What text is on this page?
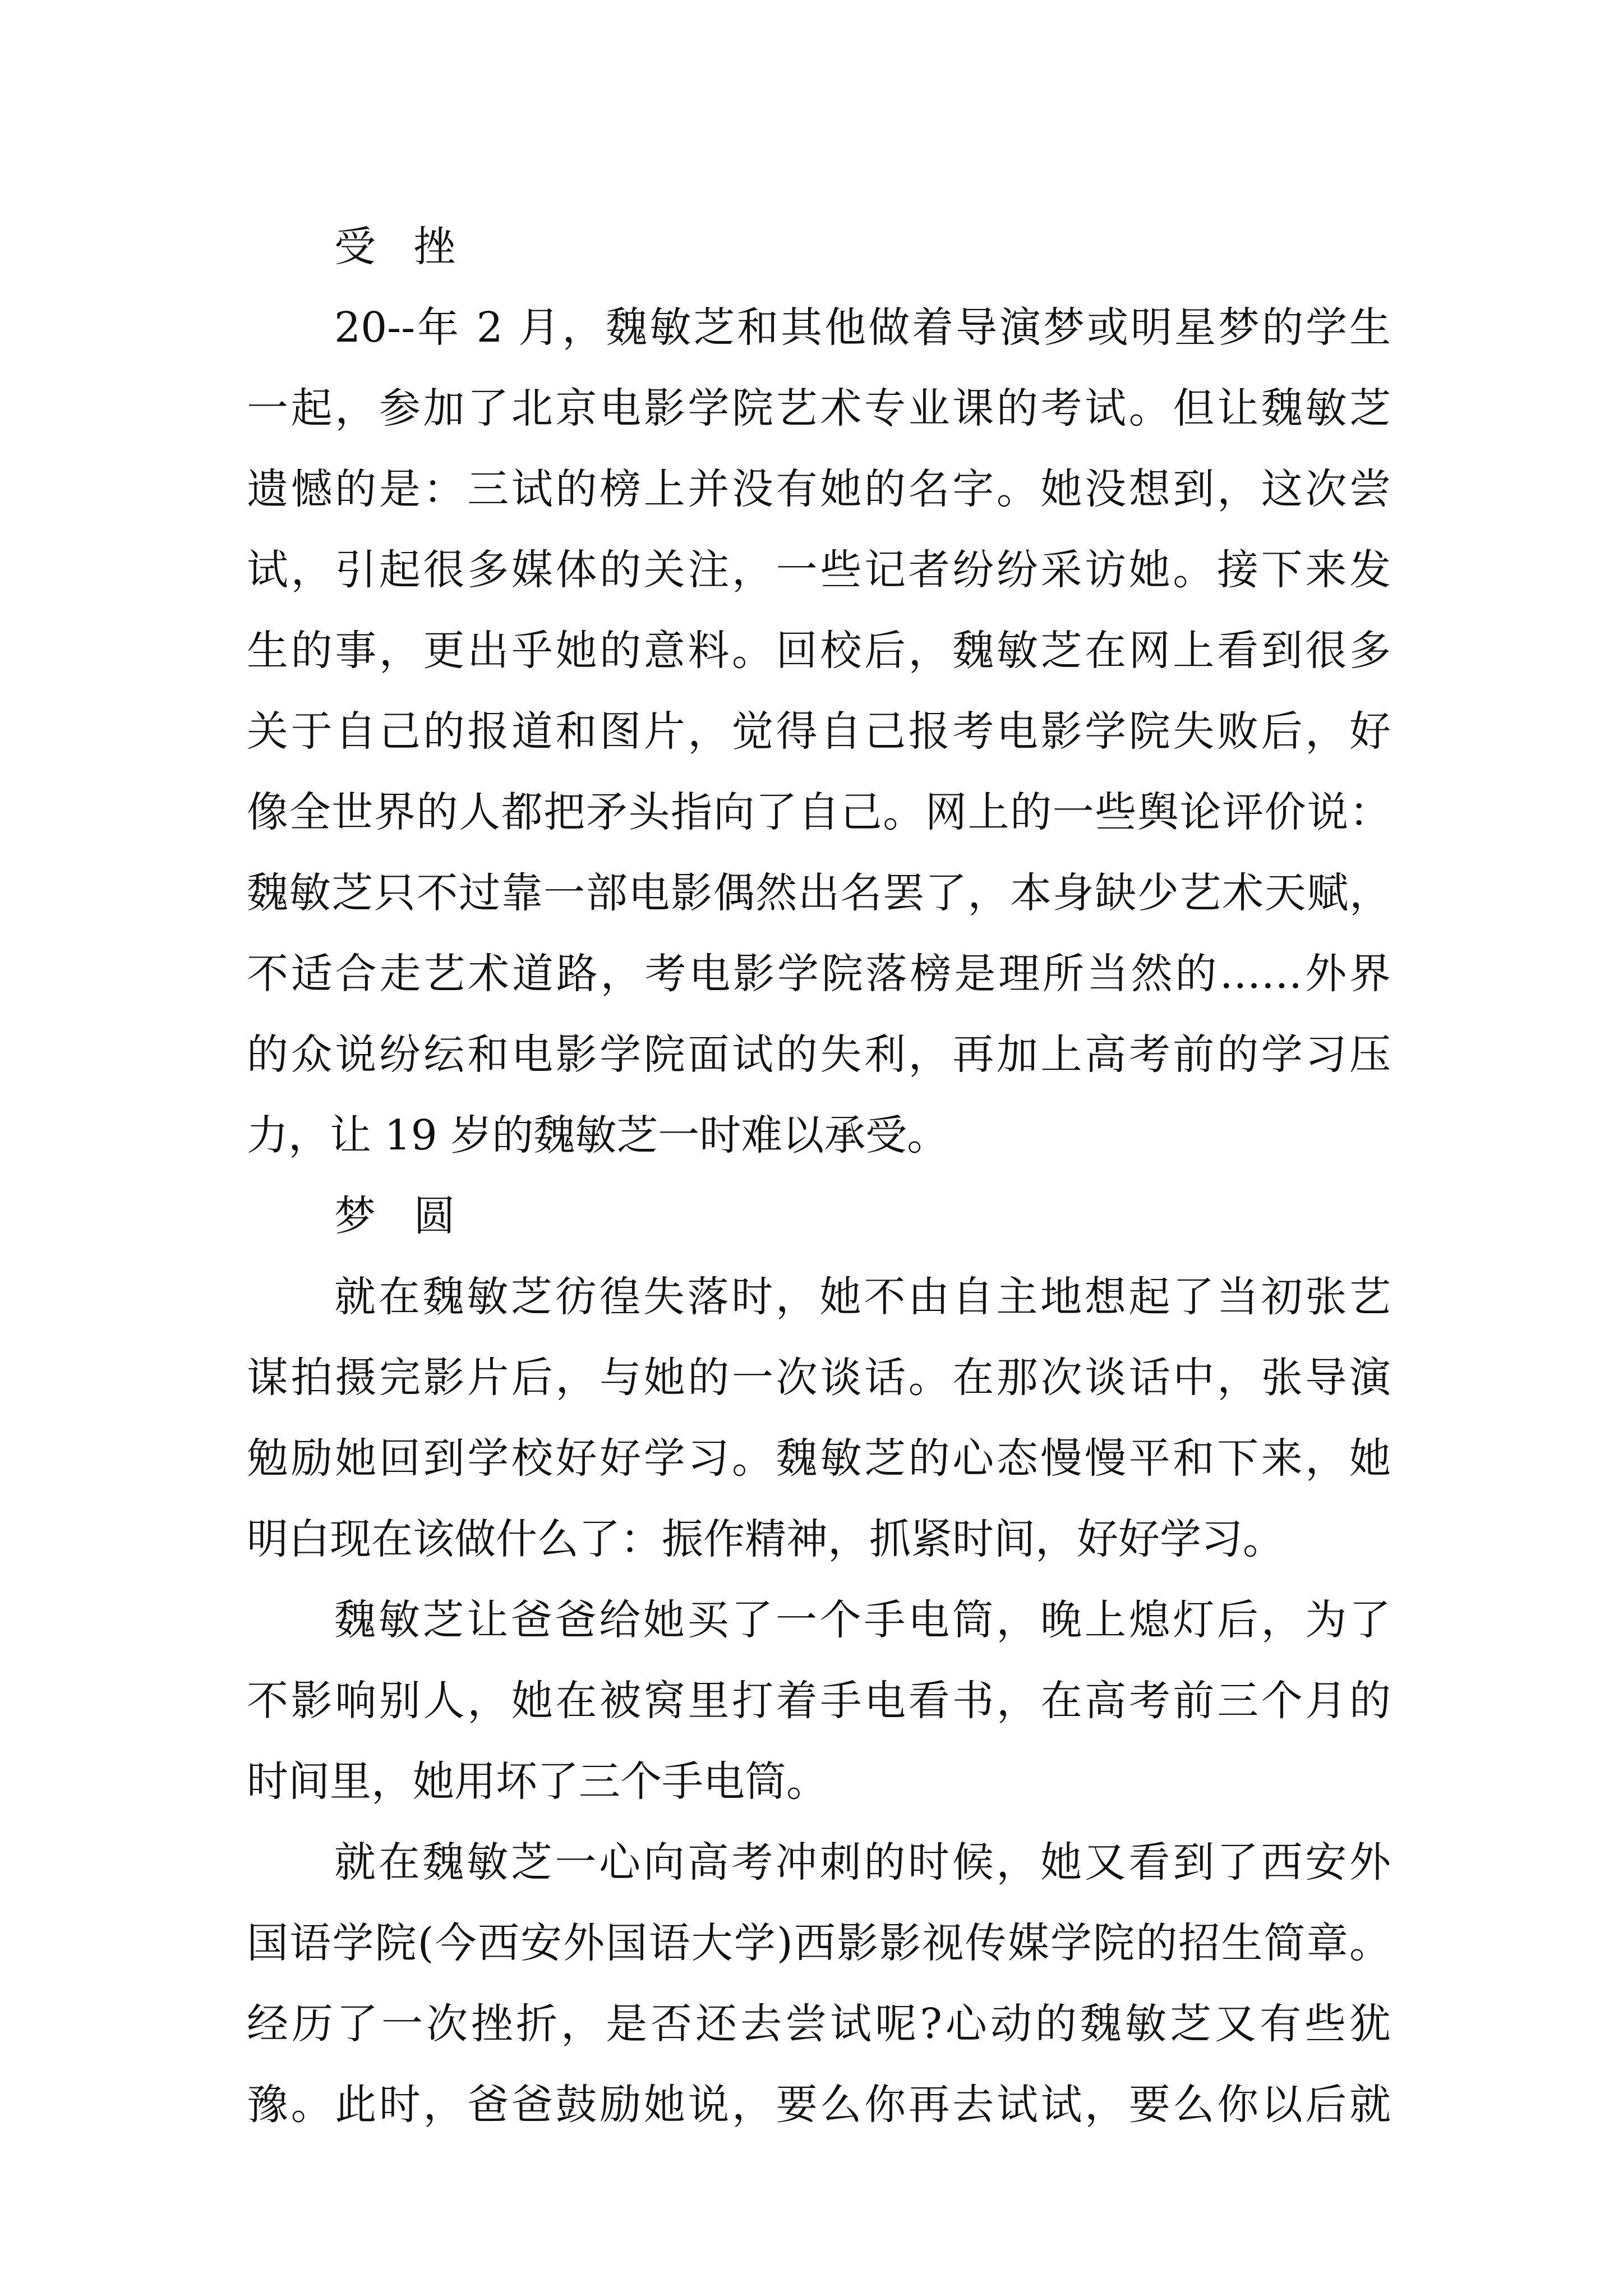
受 挫
20--年 2 月，魏敏芝和其他做着导演梦或明星梦的学生
一起，参加了北京电影学院艺术专业课的考试。但让魏敏芝
遗憾的是：三试的榜上并没有她的名字。她没想到，这次尝
试，引起很多媒体的关注，一些记者纷纷采访她。接下来发
生的事，更出乎她的意料。回校后，魏敏芝在网上看到很多
关于自己的报道和图片，觉得自己报考电影学院失败后，好
像全世界的人都把矛头指向了自己。网上的一些舆论评价说：
魏敏芝只不过靠一部电影偶然出名罢了，本身缺少艺术天赋，
不适合走艺术道路，考电影学院落榜是理所当然的……外界
的众说纷纭和电影学院面试的失利，再加上高考前的学习压
力，让 19 岁的魏敏芝一时难以承受。
梦 圆
就在魏敏芝彷徨失落时，她不由自主地想起了当初张艺
谋拍摄完影片后，与她的一次谈话。在那次谈话中，张导演
勉励她回到学校好好学习。魏敏芝的心态慢慢平和下来，她
明白现在该做什么了：振作精神，抓紧时间，好好学习。
魏敏芝让爸爸给她买了一个手电筒，晚上熄灯后，为了
不影响别人，她在被窝里打着手电看书，在高考前三个月的
时间里，她用坏了三个手电筒。
就在魏敏芝一心向高考冲刺的时候，她又看到了西安外
国语学院(今西安外国语大学)西影影视传媒学院的招生简章。
经历了一次挫折，是否还去尝试呢?心动的魏敏芝又有些犹
豫。此时，爸爸鼓励她说，要么你再去试试，要么你以后就
